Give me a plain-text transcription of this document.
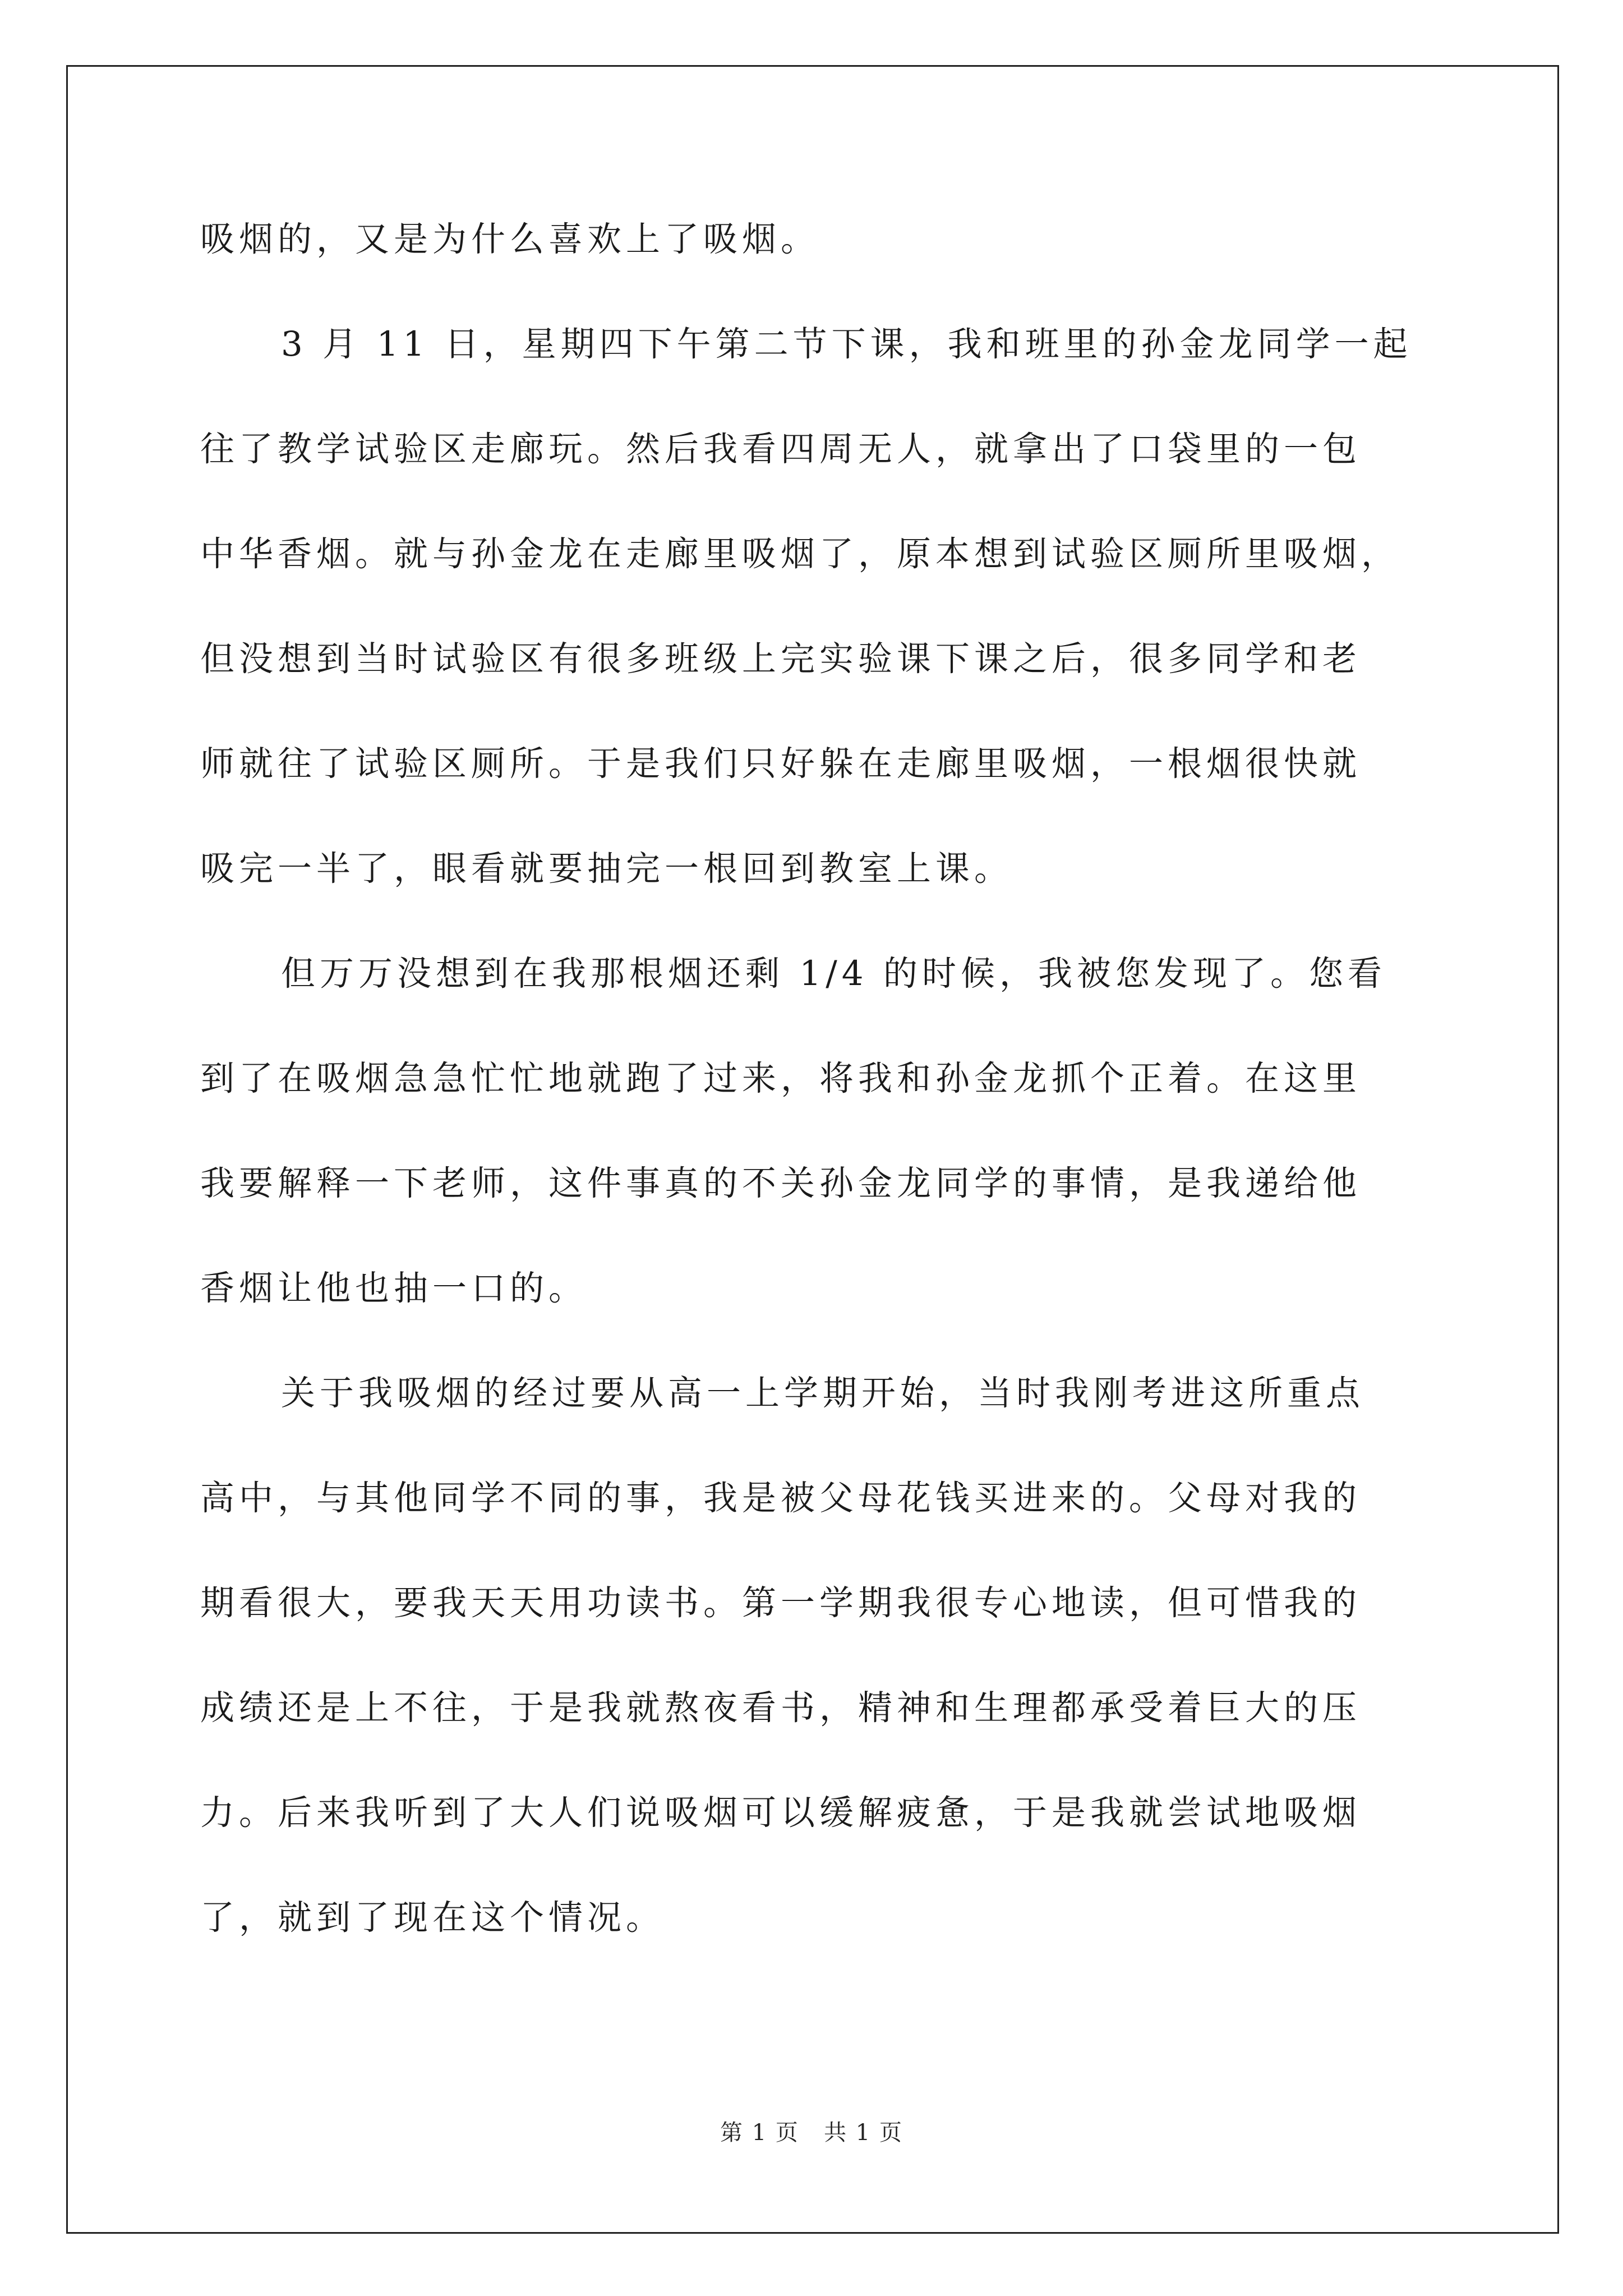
吸烟的，又是为什么喜欢上了吸烟。
3 月 11 日，星期四下午第二节下课，我和班里的孙金龙同学一起
往了教学试验区走廊玩。然后我看四周无人，就拿出了口袋里的一包
中华香烟。就与孙金龙在走廊里吸烟了，原本想到试验区厕所里吸烟，
但没想到当时试验区有很多班级上完实验课下课之后，很多同学和老
师就往了试验区厕所。于是我们只好躲在走廊里吸烟，一根烟很快就
吸完一半了，眼看就要抽完一根回到教室上课。
但万万没想到在我那根烟还剩 1/4 的时候，我被您发现了。您看
到了在吸烟急急忙忙地就跑了过来，将我和孙金龙抓个正着。在这里
我要解释一下老师，这件事真的不关孙金龙同学的事情，是我递给他
香烟让他也抽一口的。
关于我吸烟的经过要从高一上学期开始，当时我刚考进这所重点
高中，与其他同学不同的事，我是被父母花钱买进来的。父母对我的
期看很大，要我天天用功读书。第一学期我很专心地读，但可惜我的
成绩还是上不往，于是我就熬夜看书，精神和生理都承受着巨大的压
力。后来我听到了大人们说吸烟可以缓解疲惫，于是我就尝试地吸烟
了，就到了现在这个情况。
第 1 页 共 1 页
